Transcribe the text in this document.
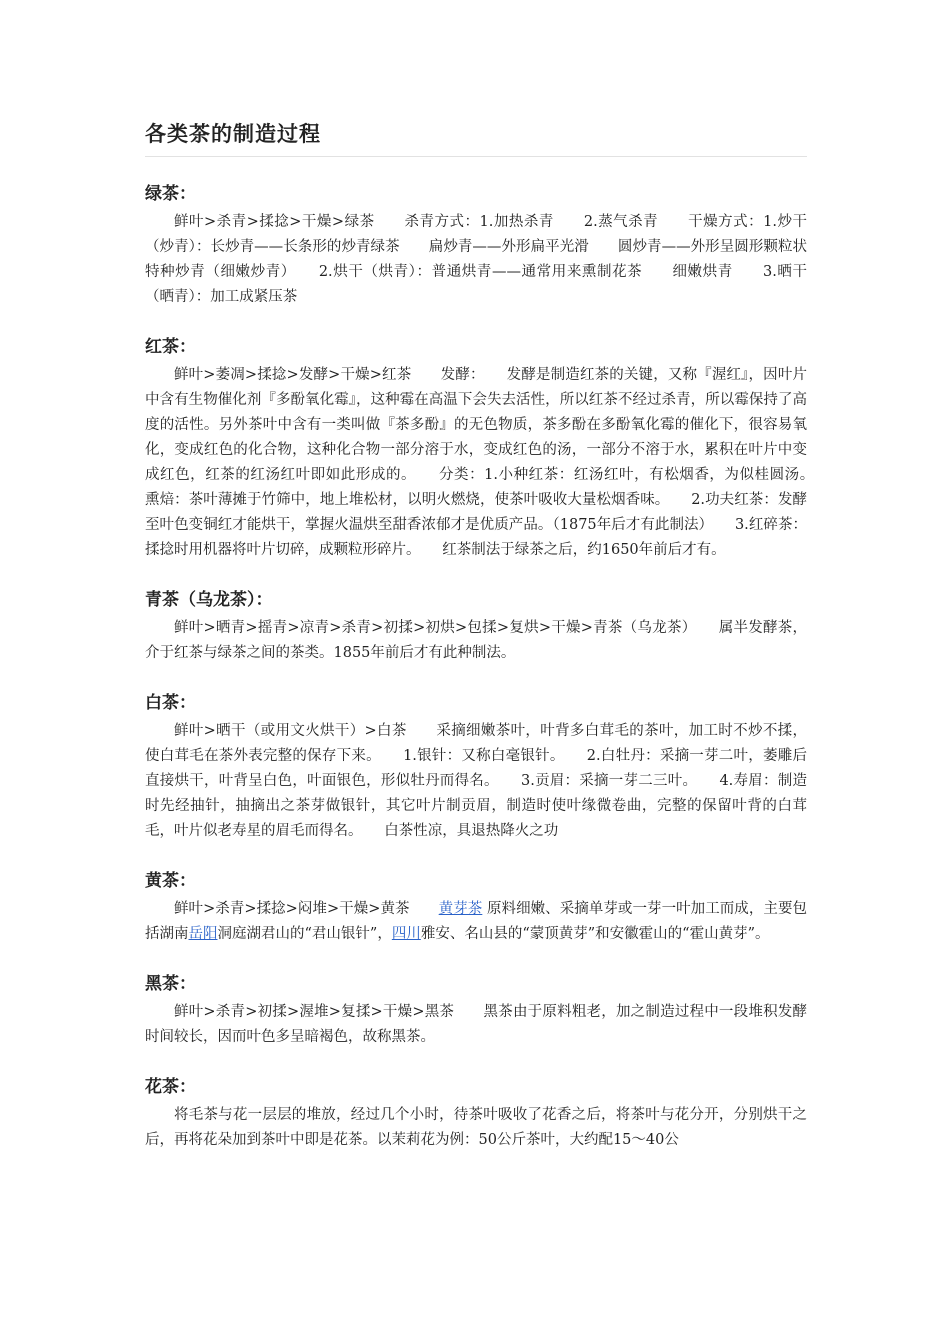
各类茶的制造过程
绿茶：

鲜叶>杀青>揉捻>干燥>绿茶　　杀青方式：1.加热杀青　　2.蒸气杀青　　干燥方式：1.炒干（炒青）：长炒青——长条形的炒青绿茶　　扁炒青——外形扁平光滑　　圆炒青——外形呈圆形颗粒状　　特种炒青（细嫩炒青）　　2.烘干（烘青）：普通烘青——通常用来熏制花茶　　细嫩烘青　　3.晒干（晒青）：加工成紧压茶

红茶：

鲜叶>萎凋>揉捻>发酵>干燥>红茶　　发酵：　　发酵是制造红茶的关键，又称『渥红』，因叶片中含有生物催化剂『多酚氧化霉』，这种霉在高温下会失去活性，所以红茶不经过杀青，所以霉保持了高度的活性。另外茶叶中含有一类叫做『茶多酚』的无色物质，茶多酚在多酚氧化霉的催化下，很容易氧化，变成红色的化合物，这种化合物一部分溶于水，变成红色的汤，一部分不溶于水，累积在叶片中变成红色，红茶的红汤红叶即如此形成的。　　分类：1.小种红茶：红汤红叶，有松烟香，为似桂圆汤。　　熏焙：茶叶薄摊于竹筛中，地上堆松材，以明火燃烧，使茶叶吸收大量松烟香味。　　2.功夫红茶：发酵至叶色变铜红才能烘干，掌握火温烘至甜香浓郁才是优质产品。（1875年后才有此制法）　　3.红碎茶：揉捻时用机器将叶片切碎，成颗粒形碎片。　　红茶制法于绿茶之后，约1650年前后才有。

青茶（乌龙茶）：

鲜叶>晒青>摇青>凉青>杀青>初揉>初烘>包揉>复烘>干燥>青茶（乌龙茶）　　属半发酵茶，介于红茶与绿茶之间的茶类。1855年前后才有此种制法。

白茶：

鲜叶>晒干（或用文火烘干）>白茶　　采摘细嫩茶叶，叶背多白茸毛的茶叶，加工时不炒不揉，使白茸毛在茶外表完整的保存下来。　　1.银针：又称白毫银针。　　2.白牡丹：采摘一芽二叶，萎雕后直接烘干，叶背呈白色，叶面银色，形似牡丹而得名。　　3.贡眉：采摘一芽二三叶。　　4.寿眉：制造时先经抽针，抽摘出之茶芽做银针，其它叶片制贡眉，制造时使叶缘微卷曲，完整的保留叶背的白茸毛，叶片似老寿星的眉毛而得名。　　白茶性凉，具退热降火之功

黄茶：

鲜叶>杀青>揉捻>闷堆>干燥>黄茶　　黄芽茶 原料细嫩、采摘单芽或一芽一叶加工而成，主要包括湖南岳阳洞庭湖君山的“君山银针”，四川雅安、名山县的“蒙顶黄芽”和安徽霍山的“霍山黄芽”。

黑茶：

鲜叶>杀青>初揉>渥堆>复揉>干燥>黑茶　　黑茶由于原料粗老，加之制造过程中一段堆积发酵时间较长，因而叶色多呈暗褐色，故称黑茶。

花茶：

将毛茶与花一层层的堆放，经过几个小时，待茶叶吸收了花香之后，将茶叶与花分开，分别烘干之后，再将花朵加到茶叶中即是花茶。以茉莉花为例：50公斤茶叶，大约配15～40公
